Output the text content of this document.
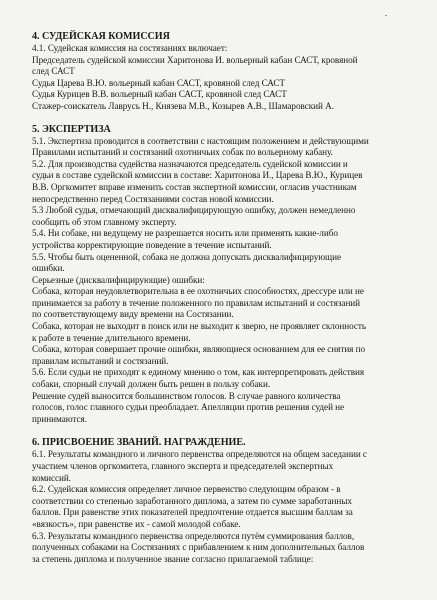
4. СУДЕЙСКАЯ КОМИССИЯ

4.1. Судейская комиссия на состязаниях включает:

Председатель судейской комиссии Харитонова И. вольерный кабан САСТ, кровяной

след САСТ

Судья Царева В.Ю. вольерный кабан САСТ, кровяной след САСТ

Судья Курицев В.В. вольерный кабан САСТ, кровяной след САСТ

Стажер-соискатель Лаврусь Н., Князева М.В., Козырев А.В., Шамаровский А.

5. ЭКСПЕРТИЗА

5.1. Экспертиза проводится в соответствии с настоящим положением и действующими

Правилами испытаний и состязаний охотничьих собак по вольерному кабану.

5.2. Для производства судейства назначаются председатель судейской комиссии и

судьи в составе судейской комиссии в составе: Харитонова И., Царева В.Ю., Курицев

В.В. Оргкомитет вправе изменить состав экспертной комиссии, огласив участникам

непосредственно перед Состязаниями состав новой комиссии.

5.3 Любой судья, отмечающий дисквалифицирующую ошибку, должен немедленно

сообщить об этом главному эксперту.

5.4. Ни собаке, ни ведущему не разрешается носить или применять какие-либо

устройства корректирующие поведение в течение испытаний.

5.5. Чтобы быть оцененной, собака не должна допускать дисквалифицирующие

ошибки.

Серьезные (дисквалифицирующие) ошибки:

Собака, которая неудовлетворительна в ее охотничьих способностях, дрессуре или не

принимается за работу в течение положенного по правилам испытаний и состязаний

по соответствующему виду времени на Состязании.

Собака, которая не выходит в поиск или не выходит к зверю, не проявляет склонность

к работе в течение длительного времени.

Собака, которая совершает прочие ошибки, являющиеся основанием для ее снятия по

правилам испытаний и состязаний.

5.6. Если судьи не приходят к единому мнению о том, как интерпретировать действия

собаки, спорный случай должен быть решен в пользу собаки.

Решение судей выносится большинством голосов. В случае равного количества

голосов, голос главного судьи преобладает. Апелляции против решения судей не

принимаются.

6. ПРИСВОЕНИЕ ЗВАНИЙ. НАГРАЖДЕНИЕ.

6.1. Результаты командного и личного первенства определяются на общем заседании с

участием членов оргкомитета, главного эксперта и председателей экспертных

комиссий.

6.2. Судейская комиссия определяет личное первенство следующим образом - в

соответствии со степенью заработанного диплома, а затем по сумме заработанных

баллов. При равенстве этих показателей предпочтение отдается высшим баллам за

«вязкость», при равенстве их - самой молодой собаке.

6.3. Результаты командного первенства определяются путём суммирования баллов,

полученных собаками на Состязаниях с прибавлением к ним дополнительных баллов

за степень диплома и полученное звание согласно прилагаемой таблице:
